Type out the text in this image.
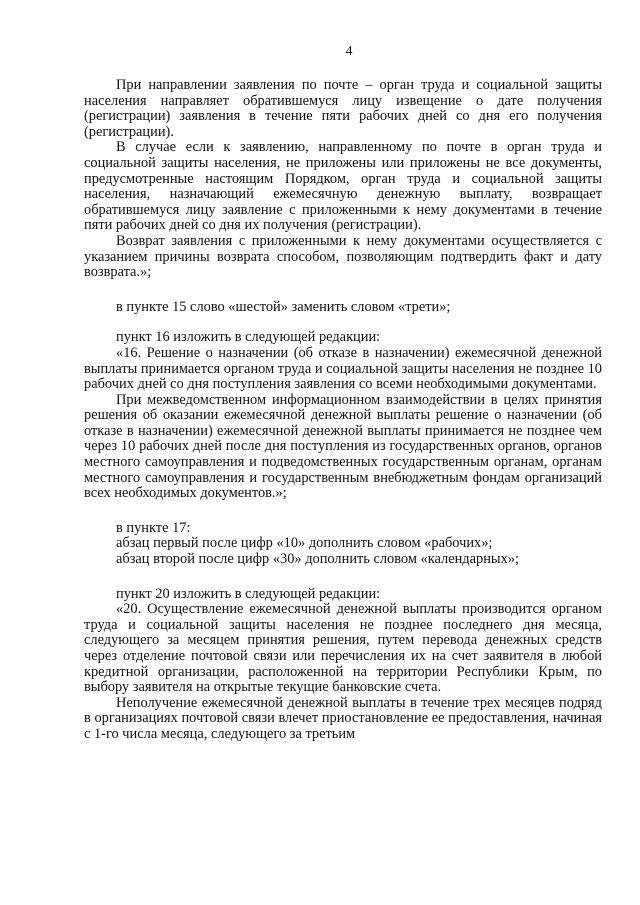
4

При направлении заявления по почте – орган труда и социальной защиты населения направляет обратившемуся лицу извещение о дате получения (регистрации) заявления в течение пяти рабочих дней со дня его получения (регистрации).

В случае если к заявлению, направленному по почте в орган труда и социальной защиты населения, не приложены или приложены не все документы, предусмотренные настоящим Порядком, орган труда и социальной защиты населения, назначающий ежемесячную денежную выплату, возвращает обратившемуся лицу заявление с приложенными к нему документами в течение пяти рабочих дней со дня их получения (регистрации).

Возврат заявления с приложенными к нему документами осуществляется с указанием причины возврата способом, позволяющим подтвердить факт и дату возврата.»;

в пункте 15 слово «шестой» заменить словом «трети»;

пункт 16 изложить в следующей редакции:

«16. Решение о назначении (об отказе в назначении) ежемесячной денежной выплаты принимается органом труда и социальной защиты населения не позднее 10 рабочих дней со дня поступления заявления со всеми необходимыми документами.

При межведомственном информационном взаимодействии в целях принятия решения об оказании ежемесячной денежной выплаты решение о назначении (об отказе в назначении) ежемесячной денежной выплаты принимается не позднее чем через 10 рабочих дней после дня поступления из государственных органов, органов местного самоуправления и подведомственных государственным органам, органам местного самоуправления и государственным внебюджетным фондам организаций всех необходимых документов.»;

в пункте 17:

абзац первый после цифр «10» дополнить словом «рабочих»;

абзац второй после цифр «30» дополнить словом «календарных»;

пункт 20 изложить в следующей редакции:

«20. Осуществление ежемесячной денежной выплаты производится органом труда и социальной защиты населения не позднее последнего дня месяца, следующего за месяцем принятия решения, путем перевода денежных средств через отделение почтовой связи или перечисления их на счет заявителя в любой кредитной организации, расположенной на территории Республики Крым, по выбору заявителя на открытые текущие банковские счета.

Неполучение ежемесячной денежной выплаты в течение трех месяцев подряд в организациях почтовой связи влечет приостановление ее предоставления, начиная с 1-го числа месяца, следующего за третьим
